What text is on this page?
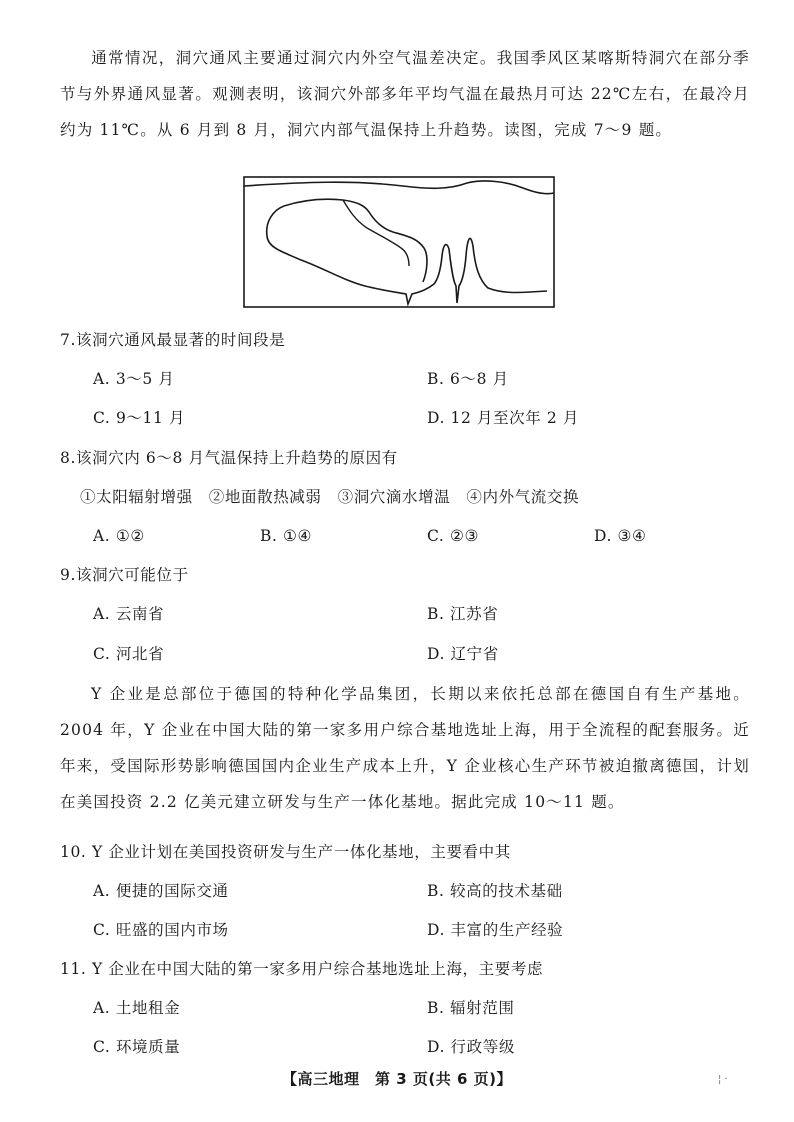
通常情况，洞穴通风主要通过洞穴内外空气温差决定。我国季风区某喀斯特洞穴在部分季节与外界通风显著。观测表明，该洞穴外部多年平均气温在最热月可达 22℃左右，在最冷月约为 11℃。从 6 月到 8 月，洞穴内部气温保持上升趋势。读图，完成 7～9 题。

7.该洞穴通风最显著的时间段是
A. 3～5 月	B. 6～8 月
C. 9～11 月	D. 12 月至次年 2 月
8.该洞穴内 6～8 月气温保持上升趋势的原因有
①太阳辐射增强　②地面散热减弱　③洞穴滴水增温　④内外气流交换
A. ①②	B. ①④	C. ②③	D. ③④
9.该洞穴可能位于
A. 云南省	B. 江苏省
C. 河北省	D. 辽宁省

Y 企业是总部位于德国的特种化学品集团，长期以来依托总部在德国自有生产基地。2004 年，Y 企业在中国大陆的第一家多用户综合基地选址上海，用于全流程的配套服务。近年来，受国际形势影响德国国内企业生产成本上升，Y 企业核心生产环节被迫撤离德国，计划在美国投资 2.2 亿美元建立研发与生产一体化基地。据此完成 10～11 题。

10. Y 企业计划在美国投资研发与生产一体化基地，主要看中其
A. 便捷的国际交通	B. 较高的技术基础
C. 旺盛的国内市场	D. 丰富的生产经验
11. Y 企业在中国大陆的第一家多用户综合基地选址上海，主要考虑
A. 土地租金	B. 辐射范围
C. 环境质量	D. 行政等级
【高三地理　第 3 页(共 6 页)】	¦ ·
